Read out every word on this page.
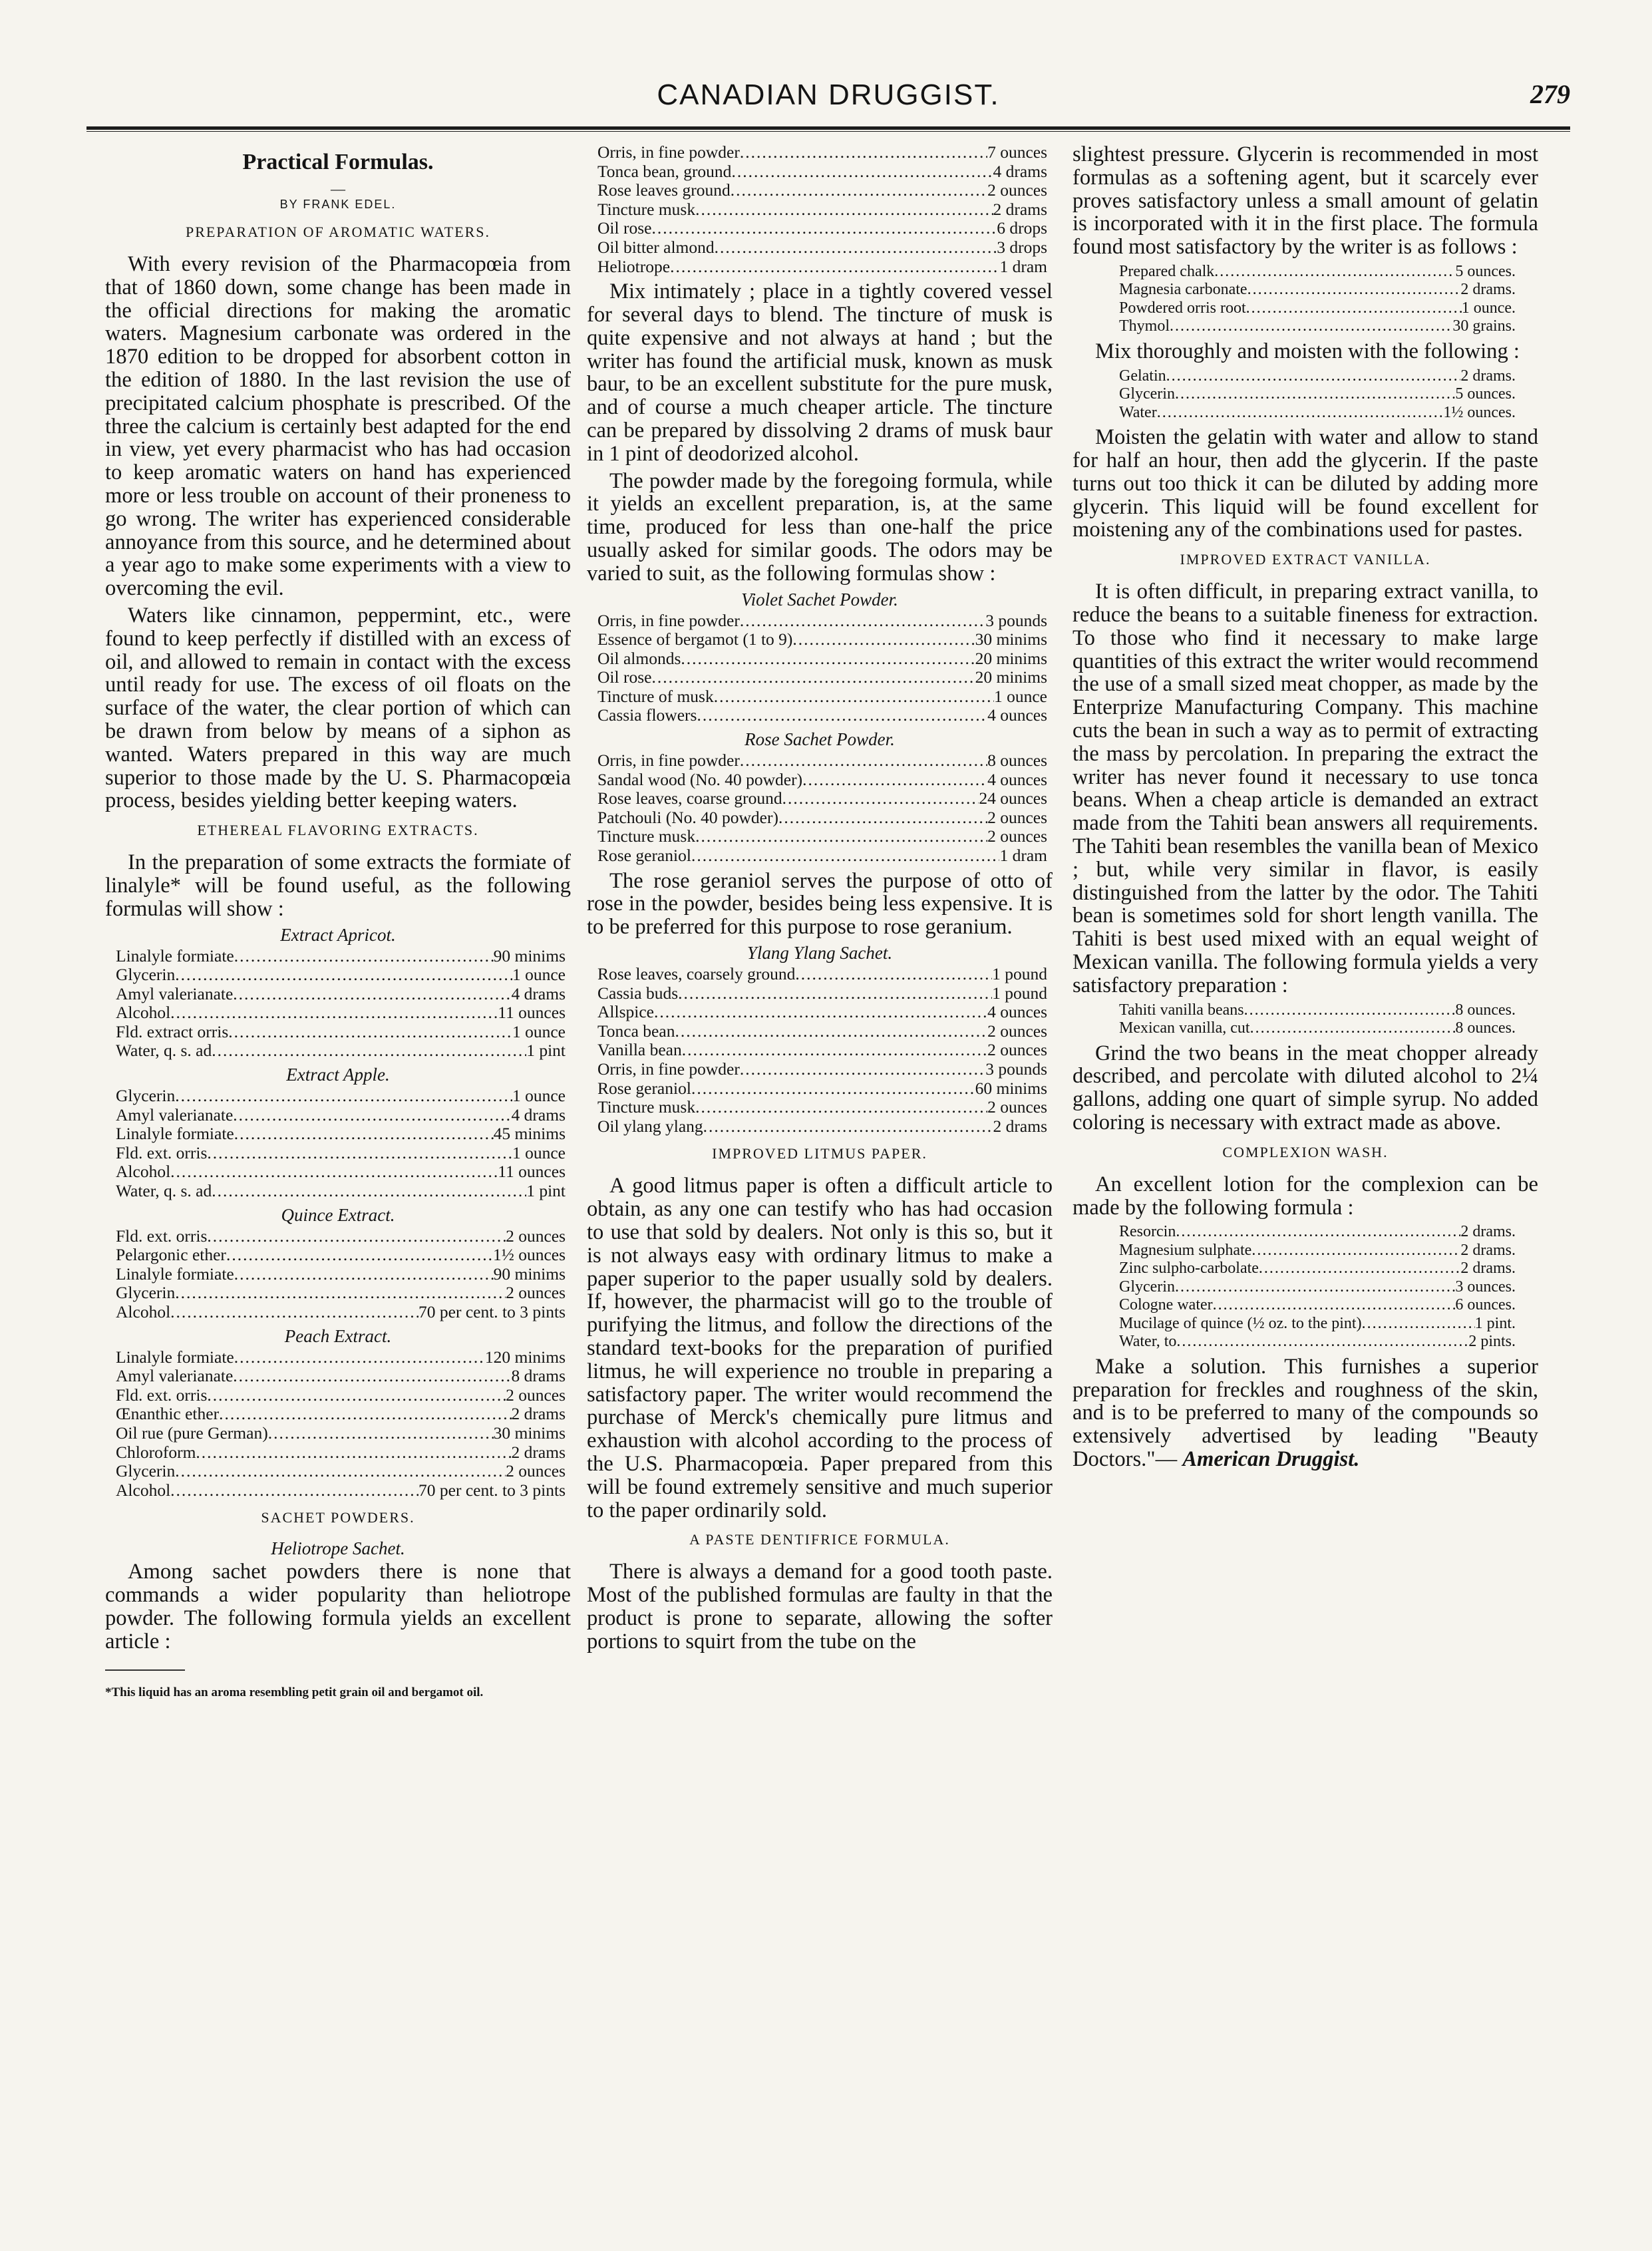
CANADIAN DRUGGIST.	279
Practical Formulas.
—
BY FRANK EDEL.
PREPARATION OF AROMATIC WATERS.

With every revision of the Pharmacopœia from that of 1860 down, some change has been made in the official directions for making the aromatic waters. Magnesium carbonate was ordered in the 1870 edition to be dropped for absorbent cotton in the edition of 1880. In the last revision the use of precipitated calcium phosphate is prescribed. Of the three the calcium is certainly best adapted for the end in view, yet every pharmacist who has had occasion to keep aromatic waters on hand has experienced more or less trouble on account of their proneness to go wrong. The writer has experienced considerable annoyance from this source, and he determined about a year ago to make some experiments with a view to overcoming the evil.

Waters like cinnamon, peppermint, etc., were found to keep perfectly if distilled with an excess of oil, and allowed to remain in contact with the excess until ready for use. The excess of oil floats on the surface of the water, the clear portion of which can be drawn from below by means of a siphon as wanted. Waters prepared in this way are much superior to those made by the U. S. Pharmacopœia process, besides yielding better keeping waters.

ETHEREAL FLAVORING EXTRACTS.

In the preparation of some extracts the formiate of linalyle* will be found useful, as the following formulas will show :

Extract Apricot.
Linalyle formiate .....	90 minims
Glycerin .....	1 ounce
Amyl valerianate .....	4 drams
Alcohol .....	11 ounces
Fld. extract orris .....	1 ounce
Water, q. s. ad .....	1 pint
Extract Apple.
Glycerin .....	1 ounce
Amyl valerianate .....	4 drams
Linalyle formiate .....	45 minims
Fld. ext. orris .....	1 ounce
Alcohol .....	11 ounces
Water, q. s. ad .....	1 pint
Quince Extract.
Fld. ext. orris .....	2 ounces
Pelargonic ether .....	1½ ounces
Linalyle formiate .....	90 minims
Glycerin .....	2 ounces
Alcohol .....	70 per cent. to 3 pints
Peach Extract.
Linalyle formiate .....	120 minims
Amyl valerianate .....	8 drams
Fld. ext. orris .....	2 ounces
Œnanthic ether .....	2 drams
Oil rue (pure German) .....	30 minims
Chloroform .....	2 drams
Glycerin .....	2 ounces
Alcohol .....	70 per cent. to 3 pints
SACHET POWDERS.
Heliotrope Sachet.

Among sachet powders there is none that commands a wider popularity than heliotrope powder. The following formula yields an excellent article :

*This liquid has an aroma resembling petit grain oil and bergamot oil.
Orris, in fine powder .....	7 ounces
Tonca bean, ground .....	4 drams
Rose leaves ground .....	2 ounces
Tincture musk .....	2 drams
Oil rose .....	6 drops
Oil bitter almond .....	3 drops
Heliotrope .....	1 dram

Mix intimately ; place in a tightly covered vessel for several days to blend. The tincture of musk is quite expensive and not always at hand ; but the writer has found the artificial musk, known as musk baur, to be an excellent substitute for the pure musk, and of course a much cheaper article. The tincture can be prepared by dissolving 2 drams of musk baur in 1 pint of deodorized alcohol.

The powder made by the foregoing formula, while it yields an excellent preparation, is, at the same time, produced for less than one-half the price usually asked for similar goods. The odors may be varied to suit, as the following formulas show :

Violet Sachet Powder.
Orris, in fine powder .....	3 pounds
Essence of bergamot (1 to 9) .....	30 minims
Oil almonds .....	20 minims
Oil rose .....	20 minims
Tincture of musk .....	1 ounce
Cassia flowers .....	4 ounces
Rose Sachet Powder.
Orris, in fine powder .....	8 ounces
Sandal wood (No. 40 powder) .....	4 ounces
Rose leaves, coarse ground .....	24 ounces
Patchouli (No. 40 powder) .....	2 ounces
Tincture musk .....	2 ounces
Rose geraniol .....	1 dram

The rose geraniol serves the purpose of otto of rose in the powder, besides being less expensive. It is to be preferred for this purpose to rose geranium.

Ylang Ylang Sachet.
Rose leaves, coarsely ground .....	1 pound
Cassia buds .....	1 pound
Allspice .....	4 ounces
Tonca bean .....	2 ounces
Vanilla bean .....	2 ounces
Orris, in fine powder .....	3 pounds
Rose geraniol .....	60 minims
Tincture musk .....	2 ounces
Oil ylang ylang .....	2 drams
IMPROVED LITMUS PAPER.

A good litmus paper is often a difficult article to obtain, as any one can testify who has had occasion to use that sold by dealers. Not only is this so, but it is not always easy with ordinary litmus to make a paper superior to the paper usually sold by dealers. If, however, the pharmacist will go to the trouble of purifying the litmus, and follow the directions of the standard text-books for the preparation of purified litmus, he will experience no trouble in preparing a satisfactory paper. The writer would recommend the purchase of Merck's chemically pure litmus and exhaustion with alcohol according to the process of the U.S. Pharmacopœia. Paper prepared from this will be found extremely sensitive and much superior to the paper ordinarily sold.

A PASTE DENTIFRICE FORMULA.

There is always a demand for a good tooth paste. Most of the published formulas are faulty in that the product is prone to separate, allowing the softer portions to squirt from the tube on the

slightest pressure. Glycerin is recommended in most formulas as a softening agent, but it scarcely ever proves satisfactory unless a small amount of gelatin is incorporated with it in the first place. The formula found most satisfactory by the writer is as follows :

Prepared chalk .....	5 ounces.
Magnesia carbonate .....	2 drams.
Powdered orris root .....	1 ounce.
Thymol .....	30 grains.

Mix thoroughly and moisten with the following :

Gelatin .....	2 drams.
Glycerin .....	5 ounces.
Water .....	1½ ounces.

Moisten the gelatin with water and allow to stand for half an hour, then add the glycerin. If the paste turns out too thick it can be diluted by adding more glycerin. This liquid will be found excellent for moistening any of the combinations used for pastes.

IMPROVED EXTRACT VANILLA.

It is often difficult, in preparing extract vanilla, to reduce the beans to a suitable fineness for extraction. To those who find it necessary to make large quantities of this extract the writer would recommend the use of a small sized meat chopper, as made by the Enterprize Manufacturing Company. This machine cuts the bean in such a way as to permit of extracting the mass by percolation. In preparing the extract the writer has never found it necessary to use tonca beans. When a cheap article is demanded an extract made from the Tahiti bean answers all requirements. The Tahiti bean resembles the vanilla bean of Mexico ; but, while very similar in flavor, is easily distinguished from the latter by the odor. The Tahiti bean is sometimes sold for short length vanilla. The Tahiti is best used mixed with an equal weight of Mexican vanilla. The following formula yields a very satisfactory preparation :

Tahiti vanilla beans .....	8 ounces.
Mexican vanilla, cut .....	8 ounces.

Grind the two beans in the meat chopper already described, and percolate with diluted alcohol to 2¼ gallons, adding one quart of simple syrup. No added coloring is necessary with extract made as above.

COMPLEXION WASH.

An excellent lotion for the complexion can be made by the following formula :

Resorcin .....	2 drams.
Magnesium sulphate .....	2 drams.
Zinc sulpho-carbolate .....	2 drams.
Glycerin .....	3 ounces.
Cologne water .....	6 ounces.
Mucilage of quince (½ oz. to the pint) .....	1 pint.
Water, to .....	2 pints.

Make a solution. This furnishes a superior preparation for freckles and roughness of the skin, and is to be preferred to many of the compounds so extensively advertised by leading "Beauty Doctors."— American Druggist.
